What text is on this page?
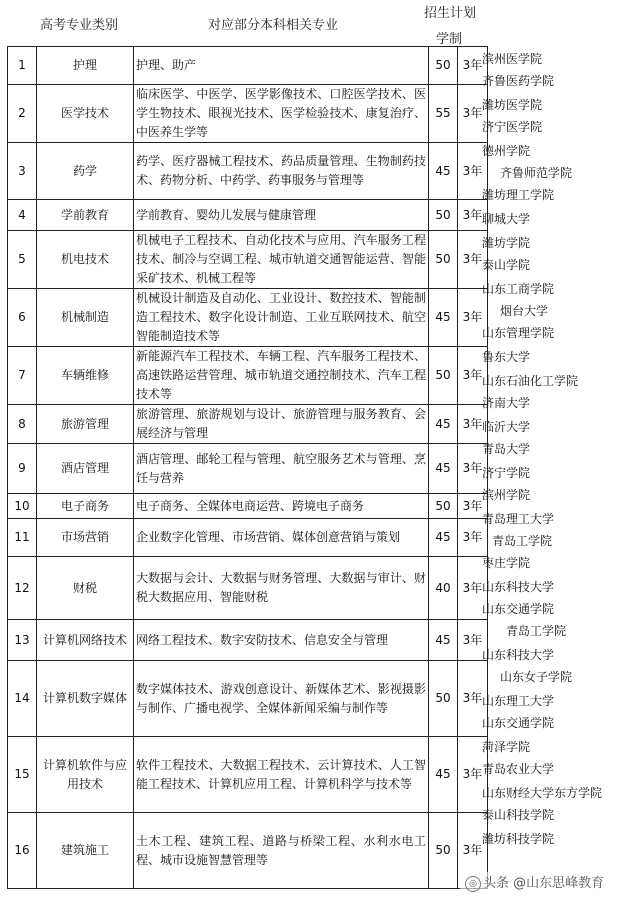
高考专业类别	对应部分本科相关专业
招生计划
学制
1	护理	护理、助产	50	3年
2	医学技术	临床医学、中医学、医学影像技术、口腔医学技术、医学生物技术、眼视光技术、医学检验技术、康复治疗、中医养生学等	55	3年
3	药学	药学、医疗器械工程技术、药品质量管理、生物制药技术、药物分析、中药学、药事服务与管理等	45	3年
4	学前教育	学前教育、婴幼儿发展与健康管理	50	3年
5	机电技术	机械电子工程技术、自动化技术与应用、汽车服务工程技术、制冷与空调工程、城市轨道交通智能运营、智能采矿技术、机械工程等	50	3年
6	机械制造	机械设计制造及自动化、工业设计、数控技术、智能制造工程技术、数字化设计制造、工业互联网技术、航空智能制造技术等	45	3年
7	车辆维修	新能源汽车工程技术、车辆工程、汽车服务工程技术、高速铁路运营管理、城市轨道交通控制技术、汽车工程技术等	50	3年
8	旅游管理	旅游管理、旅游规划与设计、旅游管理与服务教育、会展经济与管理	45	3年
9	酒店管理	酒店管理、邮轮工程与管理、航空服务艺术与管理、烹饪与营养	45	3年
10	电子商务	电子商务、全媒体电商运营、跨境电子商务	50	3年
11	市场营销	企业数字化管理、市场营销、媒体创意营销与策划	45	3年
12	财税	大数据与会计、大数据与财务管理、大数据与审计、财税大数据应用、智能财税	40	3年
13	计算机网络技术	网络工程技术、数字安防技术、信息安全与管理	45	3年
14	计算机数字媒体	数字媒体技术、游戏创意设计、新媒体艺术、影视摄影与制作、广播电视学、全媒体新闻采编与制作等	50	3年
15	计算机软件与应用技术	软件工程技术、大数据工程技术、云计算技术、人工智能工程技术、计算机应用工程、计算机科学与技术等	45	3年
16	建筑施工	土木工程、建筑工程、道路与桥梁工程、水利水电工程、城市设施智慧管理等	50	3年
滨州医学院
齐鲁医药学院
潍坊医学院
济宁医学院
德州学院
齐鲁师范学院
潍坊理工学院
聊城大学
潍坊学院
泰山学院
山东工商学院
烟台大学
山东管理学院
鲁东大学
山东石油化工学院
济南大学
临沂大学
青岛大学
济宁学院
滨州学院
青岛理工大学
青岛工学院
枣庄学院
山东科技大学
山东交通学院
青岛工学院
山东科技大学
山东女子学院
山东理工大学
山东交通学院
菏泽学院
青岛农业大学
山东财经大学东方学院
泰山科技学院
潍坊科技学院
◎ 头条 @山东思峰教育
